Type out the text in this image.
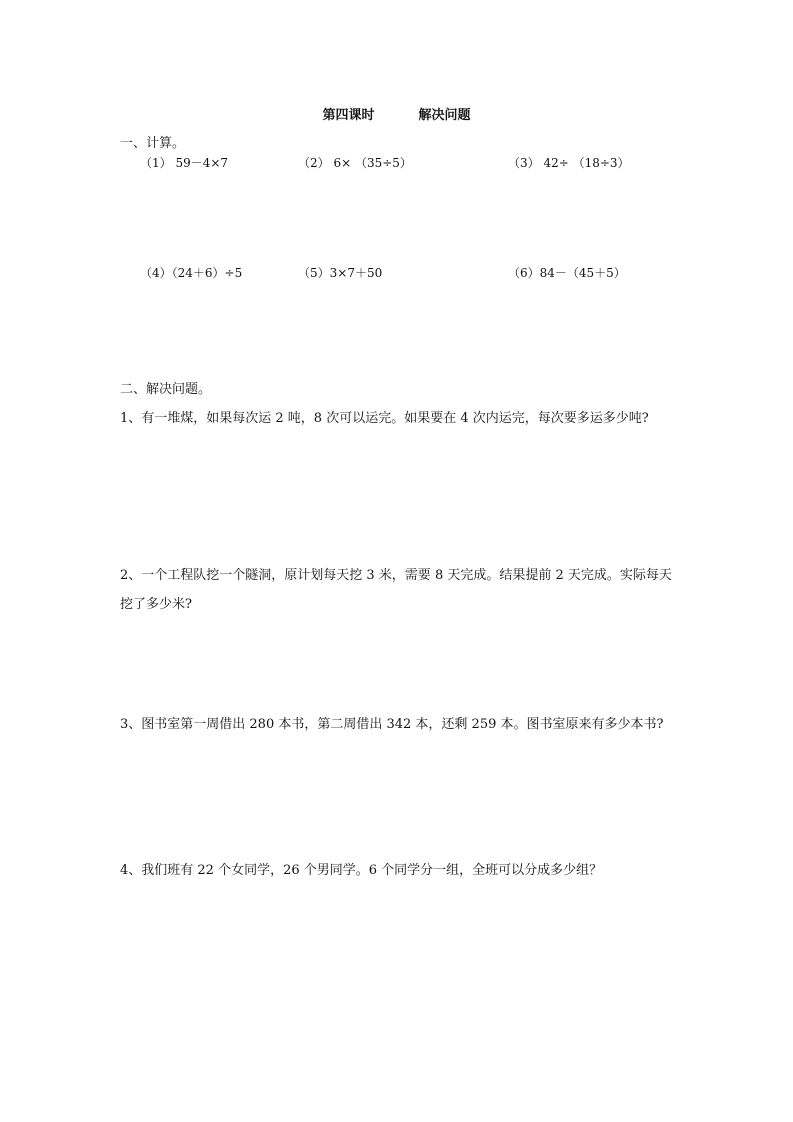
第四课时	解决问题
一、计算。
（1） 59－4×7	（2） 6× （35÷5）	（3） 42÷ （18÷3）
（4）（24＋6）÷5	（5）3×7＋50	（6）84－（45＋5）
二、解决问题。
1、有一堆煤，如果每次运 2 吨，8 次可以运完。如果要在 4 次内运完，每次要多运多少吨?
2、一个工程队挖一个隧洞，原计划每天挖 3 米，需要 8 天完成。结果提前 2 天完成。实际每天挖了多少米?
3、图书室第一周借出 280 本书，第二周借出 342 本，还剩 259 本。图书室原来有多少本书?
4、我们班有 22 个女同学，26 个男同学。6 个同学分一组，全班可以分成多少组？
